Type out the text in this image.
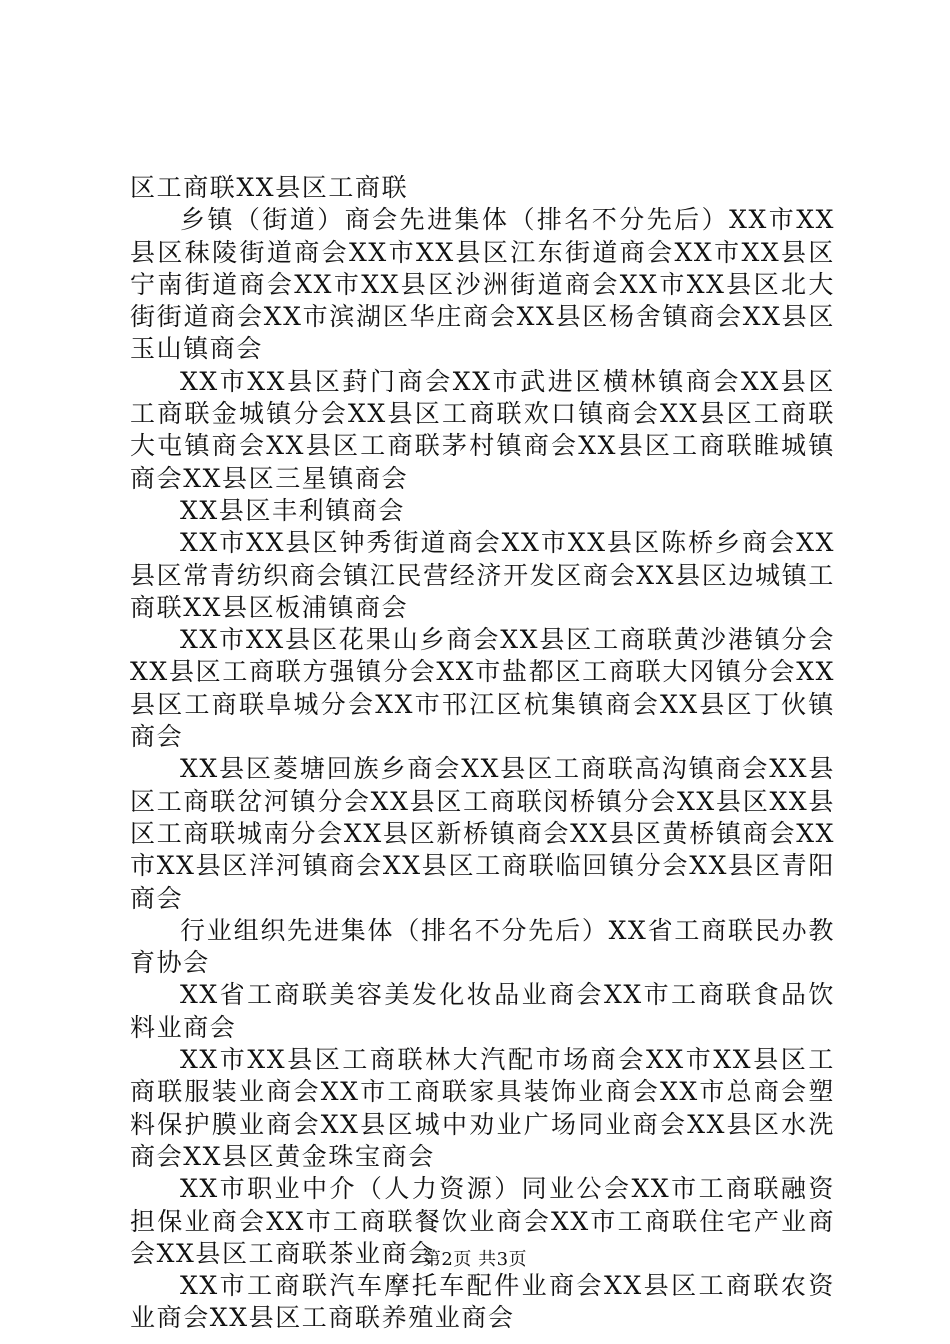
区工商联XX县区工商联

乡镇（街道）商会先进集体（排名不分先后）XX市XX县区秣陵街道商会XX市XX县区江东街道商会XX市XX县区宁南街道商会XX市XX县区沙洲街道商会XX市XX县区北大街街道商会XX市滨湖区华庄商会XX县区杨舍镇商会XX县区玉山镇商会

XX市XX县区葑门商会XX市武进区横林镇商会XX县区工商联金城镇分会XX县区工商联欢口镇商会XX县区工商联大屯镇商会XX县区工商联茅村镇商会XX县区工商联睢城镇商会XX县区三星镇商会

XX县区丰利镇商会

XX市XX县区钟秀街道商会XX市XX县区陈桥乡商会XX县区常青纺织商会镇江民营经济开发区商会XX县区边城镇工商联XX县区板浦镇商会

XX市XX县区花果山乡商会XX县区工商联黄沙港镇分会XX县区工商联方强镇分会XX市盐都区工商联大冈镇分会XX县区工商联阜城分会XX市邗江区杭集镇商会XX县区丁伙镇商会

XX县区菱塘回族乡商会XX县区工商联高沟镇商会XX县区工商联岔河镇分会XX县区工商联闵桥镇分会XX县区XX县区工商联城南分会XX县区新桥镇商会XX县区黄桥镇商会XX市XX县区洋河镇商会XX县区工商联临回镇分会XX县区青阳商会

行业组织先进集体（排名不分先后）XX省工商联民办教育协会

XX省工商联美容美发化妆品业商会XX市工商联食品饮料业商会

XX市XX县区工商联林大汽配市场商会XX市XX县区工商联服装业商会XX市工商联家具装饰业商会XX市总商会塑料保护膜业商会XX县区城中劝业广场同业商会XX县区水洗商会XX县区黄金珠宝商会

XX市职业中介（人力资源）同业公会XX市工商联融资担保业商会XX市工商联餐饮业商会XX市工商联住宅产业商会XX县区工商联茶业商会

XX市工商联汽车摩托车配件业商会XX县区工商联农资业商会XX县区工商联养殖业商会

第2页 共3页
